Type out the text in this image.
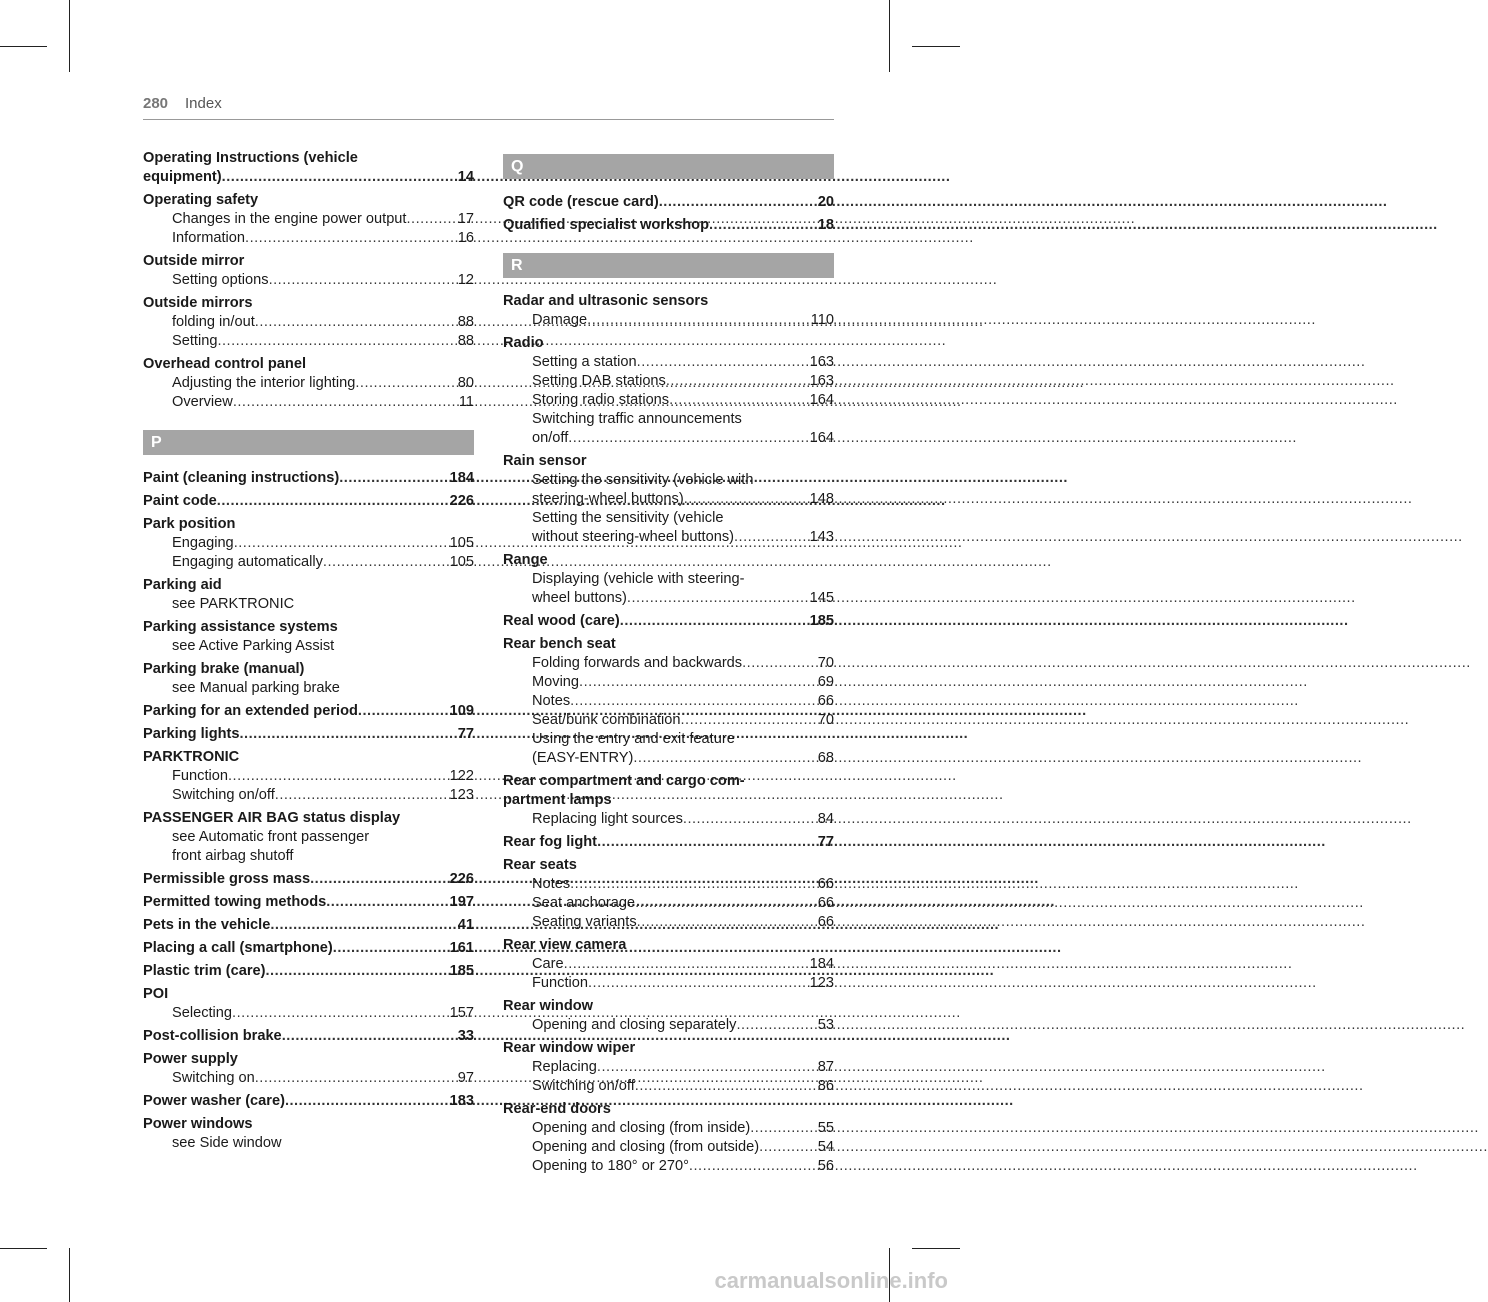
280 Index
Operating Instructions (vehicle
equipment) .....	14
Operating safety
Changes in the engine power output .....	17
Information .....	16
Outside mirror
Setting options .....	12
Outside mirrors
folding in/out .....	88
Setting .....	88
Overhead control panel
Adjusting the interior lighting .....	80
Overview .....	11
P
Paint (cleaning instructions) .....	184
Paint code .....	226
Park position
Engaging .....	105
Engaging automatically .....	105
Parking aid
see PARKTRONIC
Parking assistance systems
see Active Parking Assist
Parking brake (manual)
see Manual parking brake
Parking for an extended period .....	109
Parking lights .....	77
PARKTRONIC
Function .....	122
Switching on/off .....	123
PASSENGER AIR BAG status display
see Automatic front passenger
front airbag shutoff
Permissible gross mass .....	226
Permitted towing methods .....	197
Pets in the vehicle .....	41
Placing a call (smartphone) .....	161
Plastic trim (care) .....	185
POI
Selecting .....	157
Post-collision brake .....	33
Power supply
Switching on .....	97
Power washer (care) .....	183
Power windows
see Side window
Q
QR code (rescue card) .....	20
Qualified specialist workshop .....	18
R
Radar and ultrasonic sensors
Damage .....	110
Radio
Setting a station .....	163
Setting DAB stations .....	163
Storing radio stations .....	164
Switching traffic announcements
on/off .....	164
Rain sensor
Setting the sensitivity (vehicle with
steering-wheel buttons) .....	148
Setting the sensitivity (vehicle
without steering-wheel buttons) .....	143
Range
Displaying (vehicle with steering-
wheel buttons) .....	145
Real wood (care) .....	185
Rear bench seat
Folding forwards and backwards .....	70
Moving .....	69
Notes .....	66
Seat/bunk combination .....	70
Using the entry and exit feature
(EASY-ENTRY) .....	68
Rear compartment and cargo com-
partment lamps
Replacing light sources .....	84
Rear fog light .....	77
Rear seats
Notes .....	66
Seat anchorage .....	66
Seating variants .....	66
Rear view camera
Care .....	184
Function .....	123
Rear window
Opening and closing separately .....	53
Rear window wiper
Replacing .....	87
Switching on/off .....	86
Rear-end doors
Opening and closing (from inside) .....	55
Opening and closing (from outside) .....	54
Opening to 180° or 270° .....	56
carmanualsonline.info
